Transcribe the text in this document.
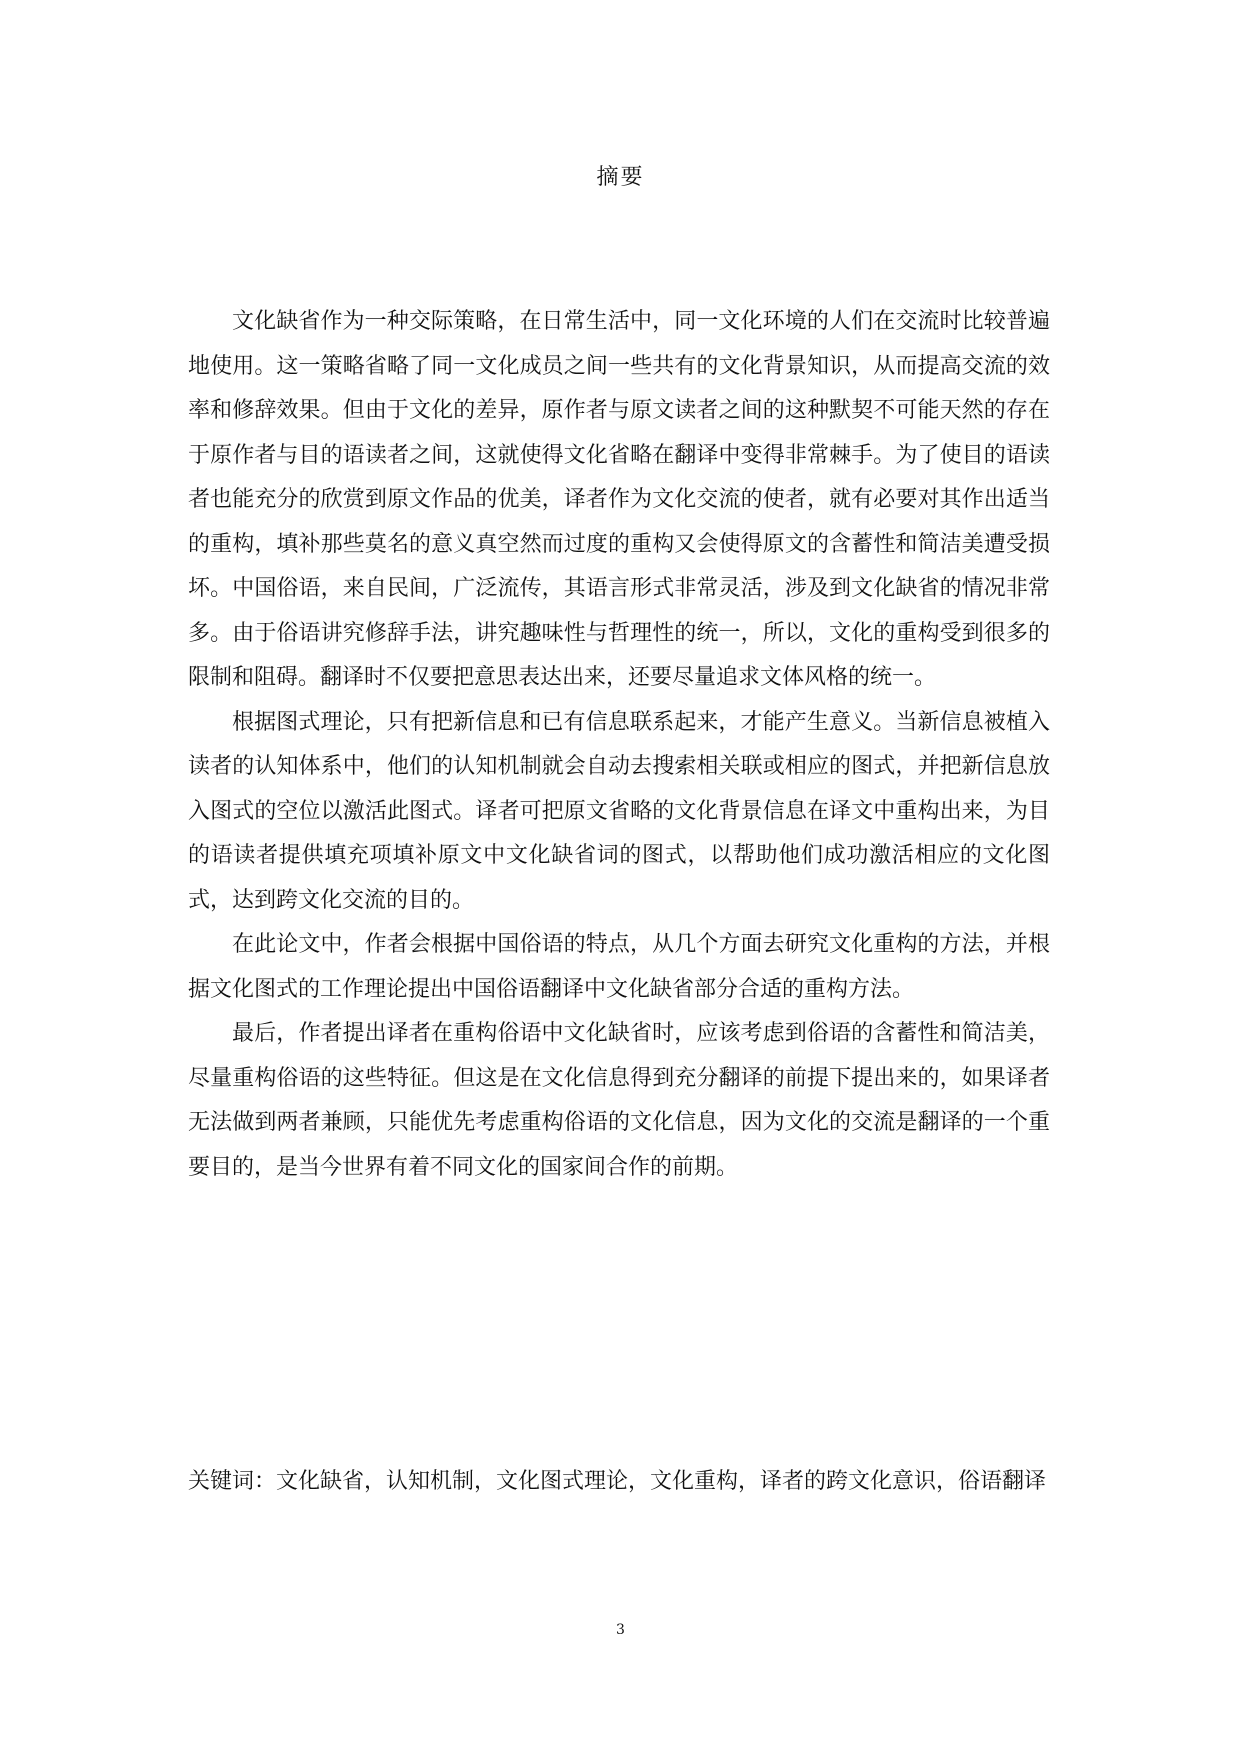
摘要

文化缺省作为一种交际策略，在日常生活中，同一文化环境的人们在交流时比较普遍地使用。这一策略省略了同一文化成员之间一些共有的文化背景知识，从而提高交流的效率和修辞效果。但由于文化的差异，原作者与原文读者之间的这种默契不可能天然的存在于原作者与目的语读者之间，这就使得文化省略在翻译中变得非常棘手。为了使目的语读者也能充分的欣赏到原文作品的优美，译者作为文化交流的使者，就有必要对其作出适当的重构，填补那些莫名的意义真空然而过度的重构又会使得原文的含蓄性和简洁美遭受损坏。中国俗语，来自民间，广泛流传，其语言形式非常灵活，涉及到文化缺省的情况非常多。由于俗语讲究修辞手法，讲究趣味性与哲理性的统一，所以，文化的重构受到很多的限制和阻碍。翻译时不仅要把意思表达出来，还要尽量追求文体风格的统一。

根据图式理论，只有把新信息和已有信息联系起来，才能产生意义。当新信息被植入读者的认知体系中，他们的认知机制就会自动去搜索相关联或相应的图式，并把新信息放入图式的空位以激活此图式。译者可把原文省略的文化背景信息在译文中重构出来，为目的语读者提供填充项填补原文中文化缺省词的图式，以帮助他们成功激活相应的文化图式，达到跨文化交流的目的。

在此论文中，作者会根据中国俗语的特点，从几个方面去研究文化重构的方法，并根据文化图式的工作理论提出中国俗语翻译中文化缺省部分合适的重构方法。

最后，作者提出译者在重构俗语中文化缺省时，应该考虑到俗语的含蓄性和简洁美，尽量重构俗语的这些特征。但这是在文化信息得到充分翻译的前提下提出来的，如果译者无法做到两者兼顾，只能优先考虑重构俗语的文化信息，因为文化的交流是翻译的一个重要目的，是当今世界有着不同文化的国家间合作的前期。

关键词： 文化缺省，认知机制，文化图式理论，文化重构，译者的跨文化意识，俗语翻译
3
